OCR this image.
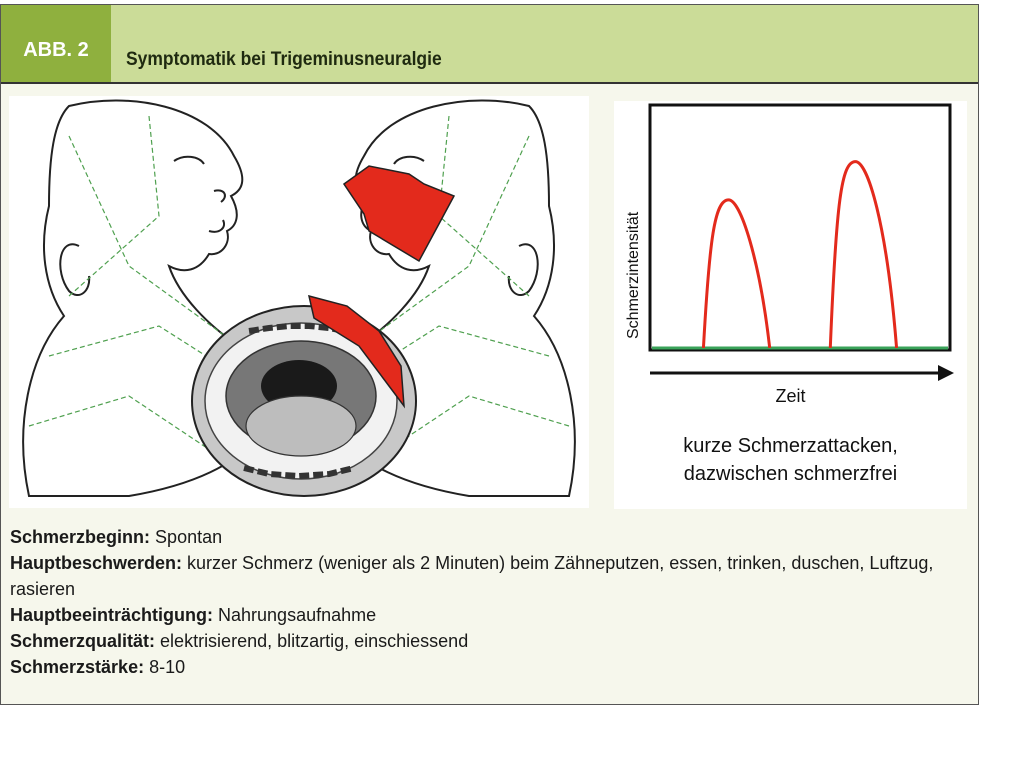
ABB. 2	Symptomatik bei Trigeminusneuralgie
Schmerzintensität
Zeit
kurze Schmerzattacken,
dazwischen schmerzfrei

Schmerzbeginn: Spontan

Hauptbeschwerden: kurzer Schmerz (weniger als 2 Minuten) beim Zähneputzen, essen, trinken, duschen, Luftzug, rasieren

Hauptbeeinträchtigung: Nahrungsaufnahme

Schmerzqualität: elektrisierend, blitzartig, einschiessend

Schmerzstärke: 8-10
